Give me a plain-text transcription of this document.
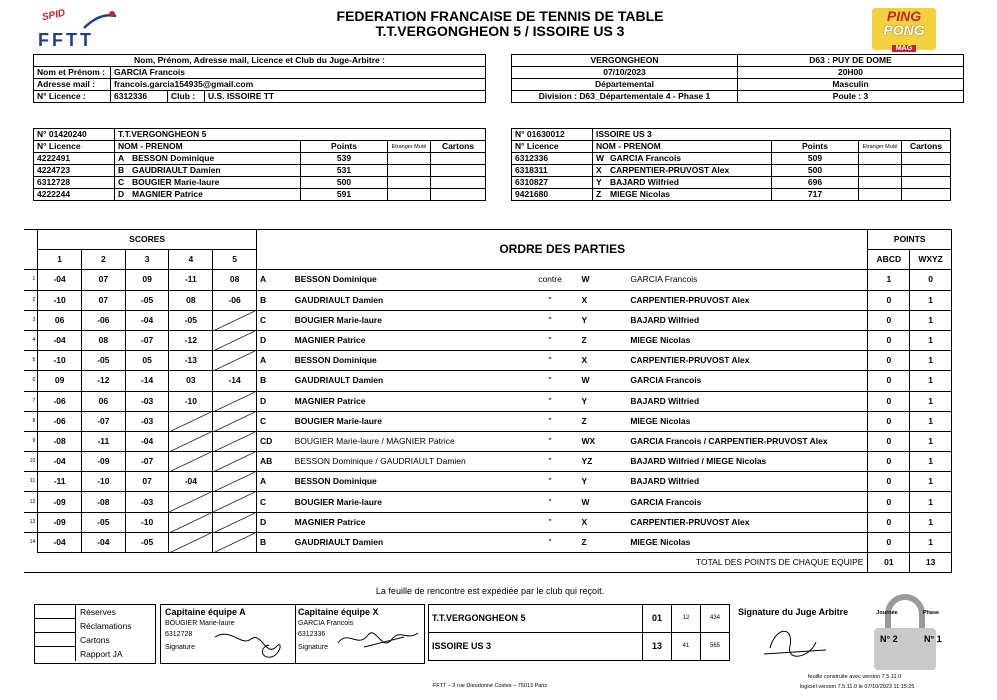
SPID
FFTT
PING
PONG
MAG
FEDERATION FRANCAISE DE TENNIS DE TABLE
T.T.VERGONGHEON 5 / ISSOIRE US 3
Nom, Prénom, Adresse mail, Licence et Club du Juge-Arbitre :			
Nom et Prénom :	GARCIA Francois		
Adresse mail :	francois.garcia154935@gmail.com		
N° Licence :	6312336	Club :	U.S. ISSOIRE TT
VERGONGHEON	D63 : PUY DE DOME
07/10/2023	20H00
Départemental	Masculin
Division : D63_Départementale 4 - Phase 1	Poule : 3
N° 01420240	T.T.VERGONGHEON 5				
N° Licence	NOM - PRENOM		Points	Etranger Muté	Cartons
4222491	A	BESSON Dominique	539		
4224723	B	GAUDRIAULT Damien	531		
6312728	C	BOUGIER Marie-laure	500		
4222244	D	MAGNIER Patrice	591		
N° 01630012	ISSOIRE US 3				
N° Licence	NOM - PRENOM		Points	Etranger Muté	Cartons
6312336	W	GARCIA Francois	509		
6318311	X	CARPENTIER-PRUVOST Alex	500		
6310827	Y	BAJARD Wilfried	696		
9421680	Z	MIEGE Nicolas	717		
	SCORES					ORDRE DES PARTIES					POINTS	
	1	2	3	4	5						ABCD	WXYZ
1	-04	07	09	-11	08	A	BESSON Dominique	contre	W	GARCIA Francois		1	0
2	-10	07	-05	08	-06	B	GAUDRIAULT Damien	"	X	CARPENTIER-PRUVOST Alex		0	1
3	06	-06	-04	-05		C	BOUGIER Marie-laure	"	Y	BAJARD Wilfried		0	1
4	-04	08	-07	-12		D	MAGNIER Patrice	"	Z	MIEGE Nicolas		0	1
5	-10	-05	05	-13		A	BESSON Dominique	"	X	CARPENTIER-PRUVOST Alex		0	1
6	09	-12	-14	03	-14	B	GAUDRIAULT Damien	"	W	GARCIA Francois		0	1
7	-06	06	-03	-10		D	MAGNIER Patrice	"	Y	BAJARD Wilfried		0	1
8	-06	-07	-03			C	BOUGIER Marie-laure	"	Z	MIEGE Nicolas		0	1
9	-08	-11	-04			CD	BOUGIER Marie-laure / MAGNIER Patrice	"	WX	GARCIA Francois / CARPENTIER-PRUVOST Alex		0	1
10	-04	-09	-07			AB	BESSON Dominique / GAUDRIAULT Damien	"	YZ	BAJARD Wilfried / MIEGE Nicolas		0	1
11	-11	-10	07	-04		A	BESSON Dominique	"	Y	BAJARD Wilfried		0	1
12	-09	-08	-03			C	BOUGIER Marie-laure	"	W	GARCIA Francois		0	1
13	-09	-05	-10			D	MAGNIER Patrice	"	X	CARPENTIER-PRUVOST Alex		0	1
14	-04	-04	-05			B	GAUDRIAULT Damien	"	Z	MIEGE Nicolas		0	1
	TOTAL DES POINTS DE CHAQUE EQUIPE										01	13
La feuille de rencontre est expédiée par le club qui reçoit.
Réserves
Réclamations
Cartons
Rapport JA
Capitaine équipe A
BOUGIER Marie-laure
6312728
Signature
Capitaine équipe X
GARCIA Francois
6312336
Signature
T.T.VERGONGHEON 5	01	12	434
ISSOIRE US 3	13	41	565
Signature du Juge Arbitre	Journée	Phase
N° 2	N° 1
feuille construite avec version 7.5.11.0
logiciel version 7.5.11.0 le 07/10/2023 11:15:25
FFTT – 3 rue Dieudonné Costes – 75013 Paris
